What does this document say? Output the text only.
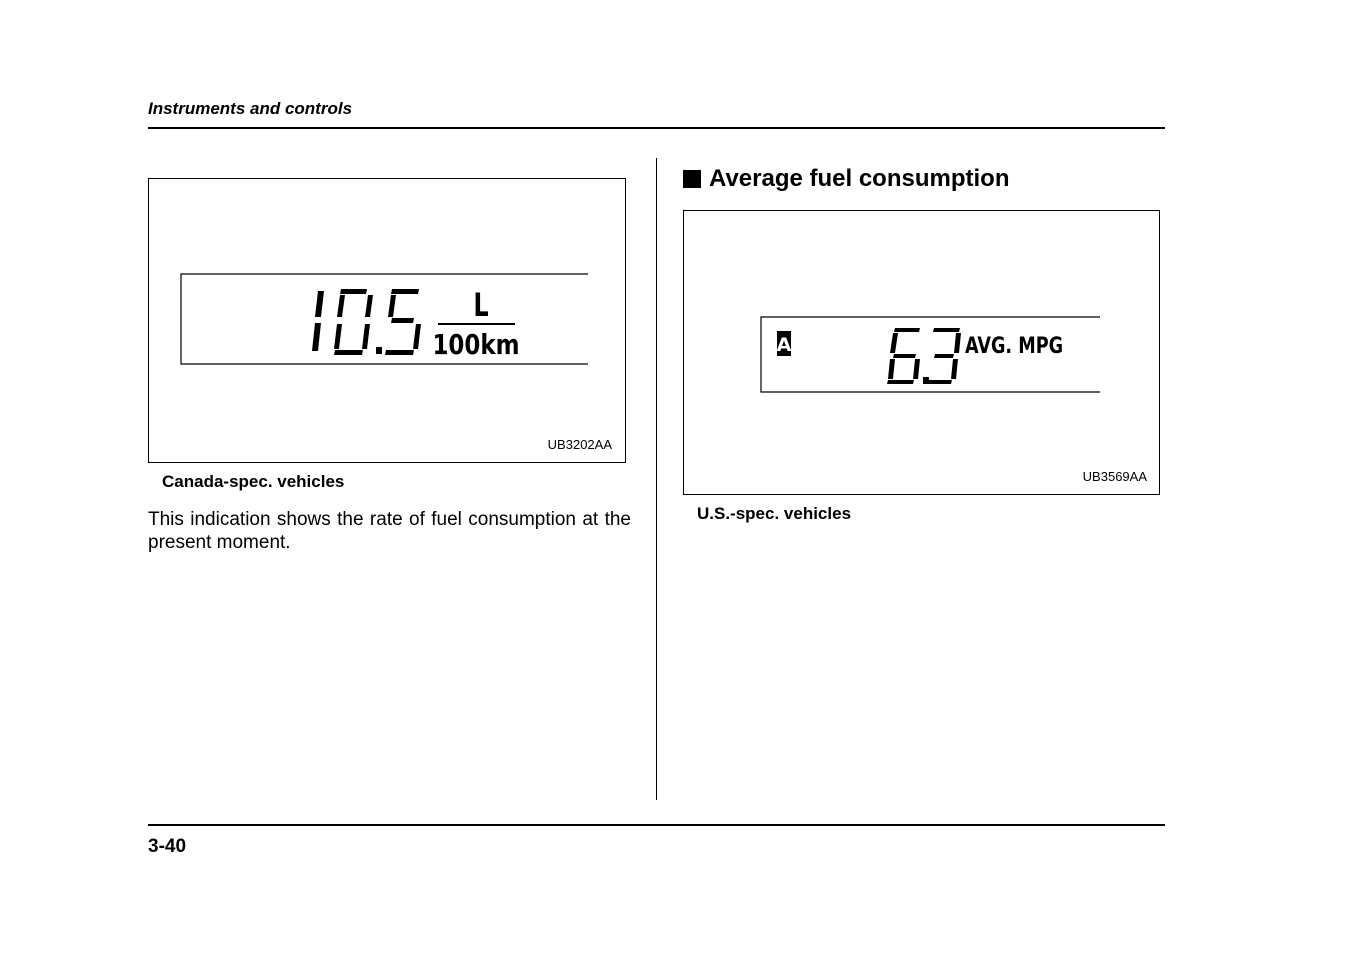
Instruments and controls
L
100km
UB3202AA
Canada-spec. vehicles
This indication shows the rate of fuel consumption at the present moment.
Average fuel consumption
A	AVG. MPG
UB3569AA
U.S.-spec. vehicles
3-40
